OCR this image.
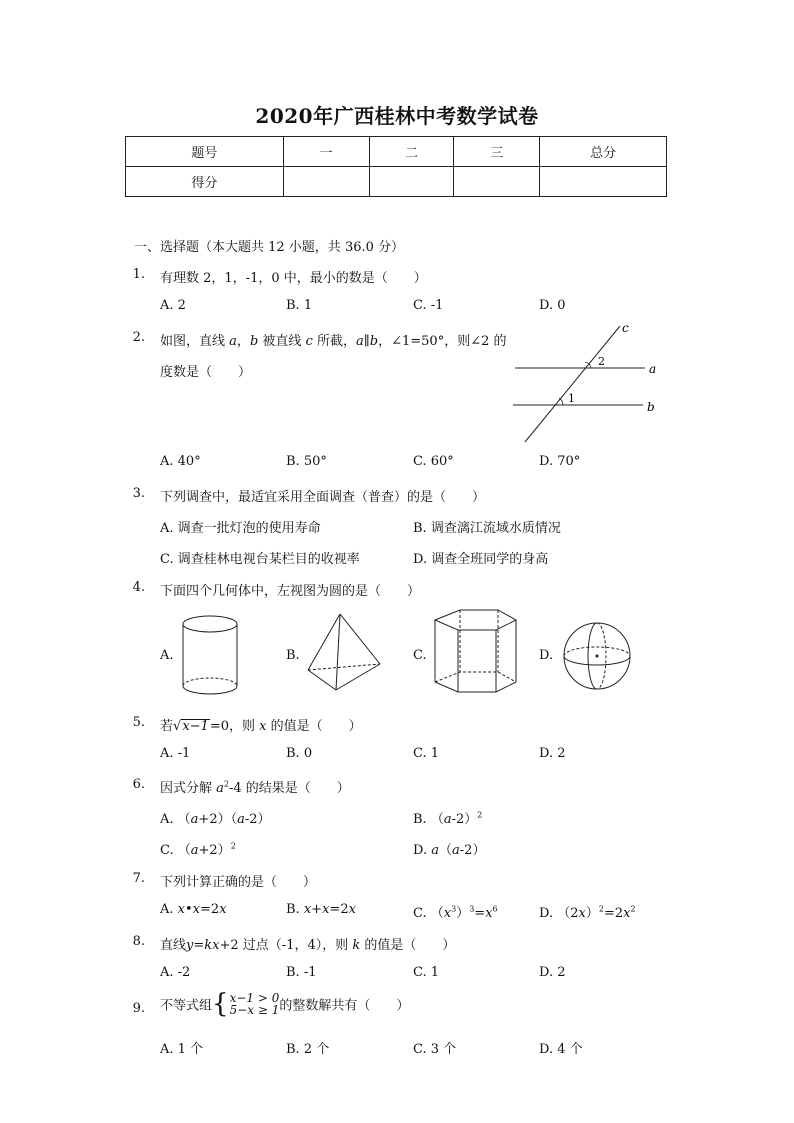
2020年广西桂林中考数学试卷
题号	一	二	三	总分
得分				
一、选择题（本大题共 12 小题，共 36.0 分）
1. 有理数 2，1，-1，0 中，最小的数是（　　）
A. 2	B. 1	C. -1	D. 0
2. 如图，直线 a，b 被直线 c 所截，a∥b，∠1=50°，则∠2 的
度数是（　　）
c
a
b
2
1
A. 40°	B. 50°	C. 60°	D. 70°
3. 下列调查中，最适宜采用全面调查（普查）的是（　　）
A. 调查一批灯泡的使用寿命	B. 调查漓江流域水质情况
C. 调查桂林电视台某栏目的收视率	D. 调查全班同学的身高
4. 下面四个几何体中，左视图为圆的是（　　）
A.	B.	C.	D.
5. 若√x−1=0，则 x 的值是（　　）
A. -1	B. 0	C. 1	D. 2
6. 因式分解 $a^2-4$ 的结果是（　　）
A. （a+2）（a-2）	B. $(a-2)^2$
C. $(a+2)^2$	D. a（a-2）
7. 下列计算正确的是（　　）
A. x•x=2x	B. x+x=2x	C. $(x^3)^3=x^6$	D. $(2x)^2=2x^2$
8. 直线y=kx+2 过点（-1，4），则 k 的值是（　　）
A. -2	B. -1	C. 1	D. 2
9. 不等式组{x−1 > 0
5−x ≥ 1的整数解共有（　　）
A. 1 个	B. 2 个	C. 3 个	D. 4 个
